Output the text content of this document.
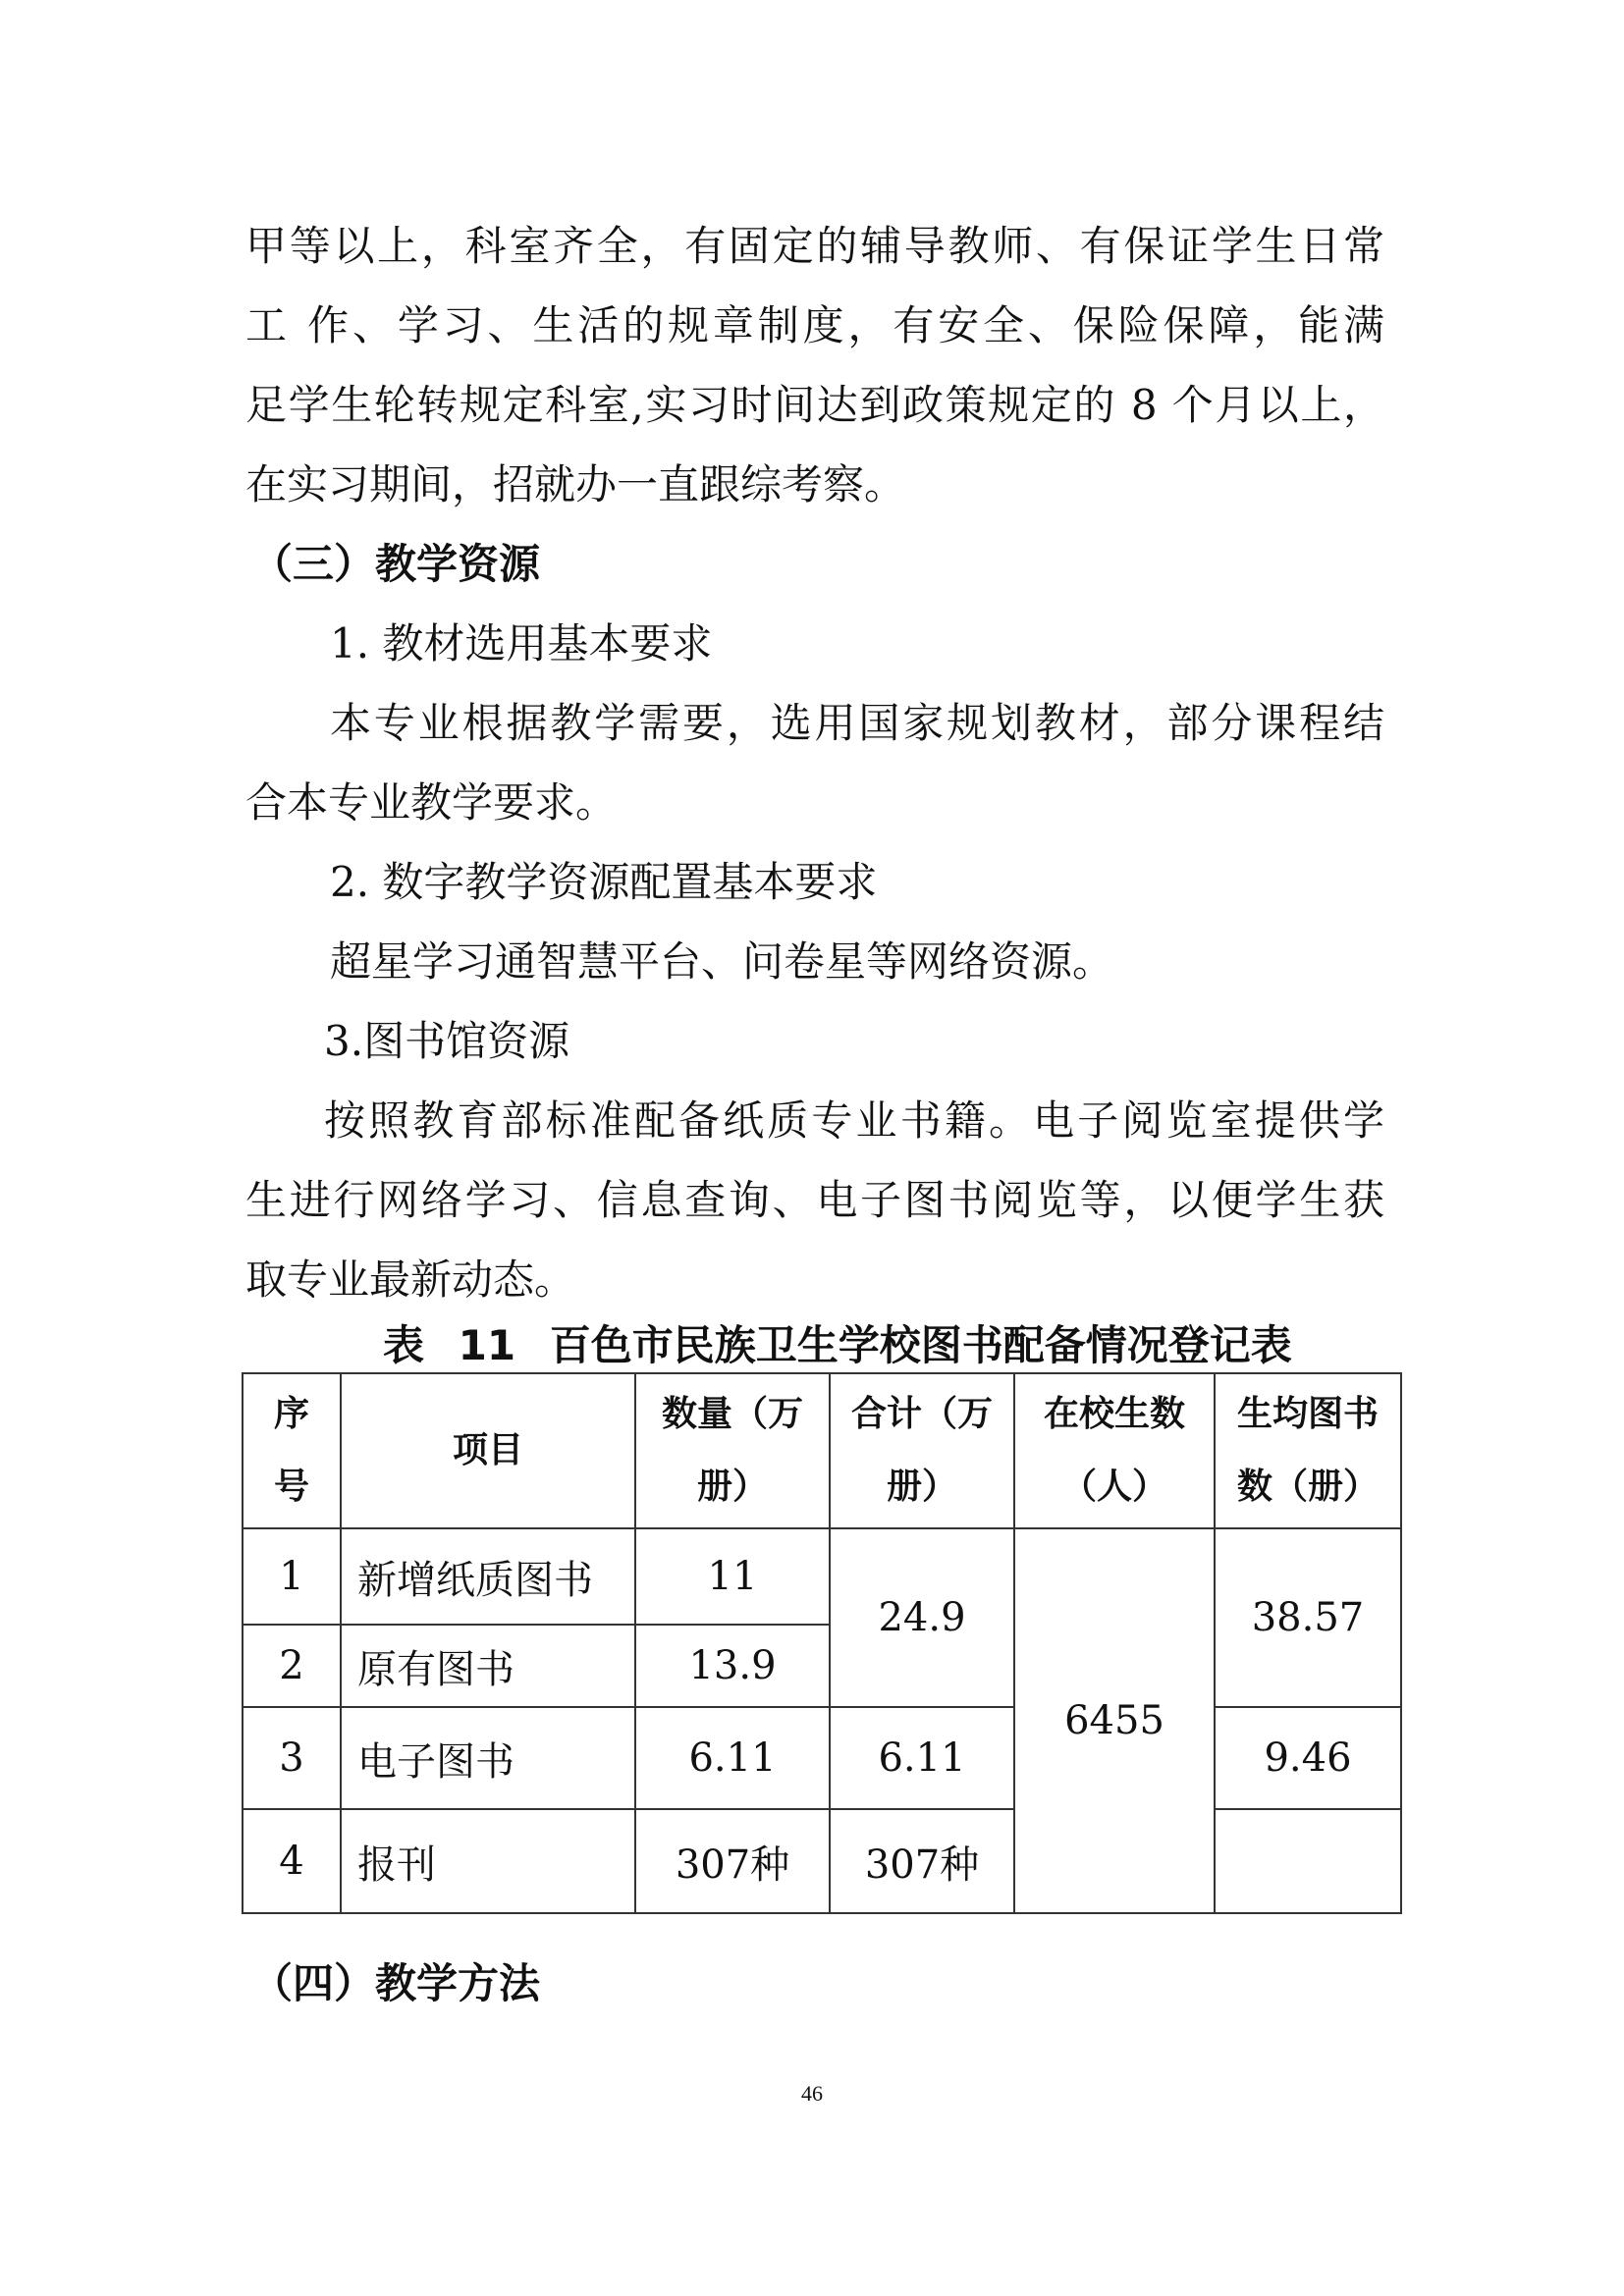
甲等以上，科室齐全，有固定的辅导教师、有保证学生日常

工 作、学习、生活的规章制度，有安全、保险保障，能满

足学生轮转规定科室,实习时间达到政策规定的 8 个月以上，

在实习期间，招就办一直跟综考察。

（三）教学资源

1. 教材选用基本要求

本专业根据教学需要，选用国家规划教材，部分课程结

合本专业教学要求。

2. 数字教学资源配置基本要求

超星学习通智慧平台、问卷星等网络资源。

3.图书馆资源

按照教育部标准配备纸质专业书籍。电子阅览室提供学

生进行网络学习、信息查询、电子图书阅览等，以便学生获

取专业最新动态。

表 11 百色市民族卫生学校图书配备情况登记表
序号	项目	数量（万册）	合计（万册）	在校生数（人）	生均图书数（册）
1	新增纸质图书	11	24.9	6455	38.57
2	原有图书	13.9			
3	电子图书	6.11	6.11		9.46
4	报刊	307种	307种		

（四）教学方法

46
